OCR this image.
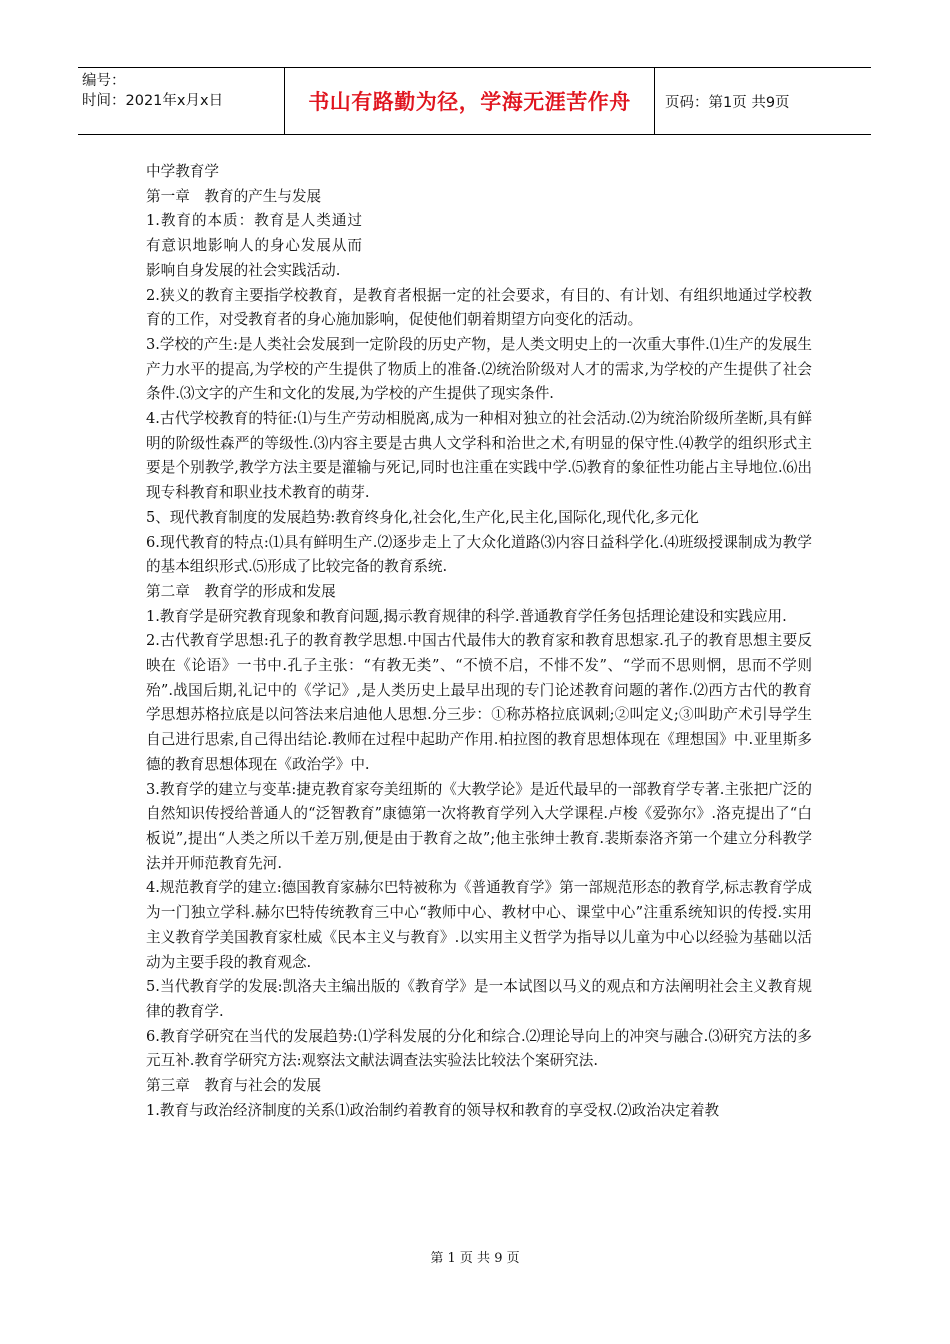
编号：
时间：2021年x月x日	书山有路勤为径，学海无涯苦作舟 页码：第1页 共9页

中学教育学

第一章　教育的产生与发展

1.教育的本质：教育是人类通过有意识地影响人的身心发展从而影响自身发展的社会实践活动.

2.狭义的教育主要指学校教育，是教育者根据一定的社会要求，有目的、有计划、有组织地通过学校教育的工作，对受教育者的身心施加影响，促使他们朝着期望方向变化的活动。

3.学校的产生:是人类社会发展到一定阶段的历史产物，是人类文明史上的一次重大事件.⑴生产的发展生产力水平的提高,为学校的产生提供了物质上的准备.⑵统治阶级对人才的需求,为学校的产生提供了社会条件.⑶文字的产生和文化的发展,为学校的产生提供了现实条件.

4.古代学校教育的特征:⑴与生产劳动相脱离,成为一种相对独立的社会活动.⑵为统治阶级所垄断,具有鲜明的阶级性森严的等级性.⑶内容主要是古典人文学科和治世之术,有明显的保守性.⑷教学的组织形式主要是个别教学,教学方法主要是灌输与死记,同时也注重在实践中学.⑸教育的象征性功能占主导地位.⑹出现专科教育和职业技术教育的萌芽.

5、现代教育制度的发展趋势:教育终身化,社会化,生产化,民主化,国际化,现代化,多元化

6.现代教育的特点:⑴具有鲜明生产.⑵逐步走上了大众化道路⑶内容日益科学化.⑷班级授课制成为教学的基本组织形式.⑸形成了比较完备的教育系统.

第二章　教育学的形成和发展

1.教育学是研究教育现象和教育问题,揭示教育规律的科学.普通教育学任务包括理论建设和实践应用.

2.古代教育学思想:孔子的教育教学思想.中国古代最伟大的教育家和教育思想家.孔子的教育思想主要反映在《论语》一书中.孔子主张：“有教无类”、“不愤不启，不悱不发”、“学而不思则惘，思而不学则殆”.战国后期,礼记中的《学记》,是人类历史上最早出现的专门论述教育问题的著作.⑵西方古代的教育学思想苏格拉底是以问答法来启迪他人思想.分三步：①称苏格拉底讽刺;②叫定义;③叫助产术引导学生自己进行思索,自己得出结论.教师在过程中起助产作用.柏拉图的教育思想体现在《理想国》中.亚里斯多德的教育思想体现在《政治学》中.

3.教育学的建立与变革:捷克教育家夸美纽斯的《大教学论》是近代最早的一部教育学专著.主张把广泛的自然知识传授给普通人的“泛智教育”康德第一次将教育学列入大学课程.卢梭《爱弥尔》.洛克提出了“白板说”,提出“人类之所以千差万别,便是由于教育之故”;他主张绅士教育.裴斯泰洛齐第一个建立分科教学法并开师范教育先河.

4.规范教育学的建立:德国教育家赫尔巴特被称为《普通教育学》第一部规范形态的教育学,标志教育学成为一门独立学科.赫尔巴特传统教育三中心“教师中心、教材中心、课堂中心”注重系统知识的传授.实用主义教育学美国教育家杜威《民本主义与教育》.以实用主义哲学为指导以儿童为中心以经验为基础以活动为主要手段的教育观念.

5.当代教育学的发展:凯洛夫主编出版的《教育学》是一本试图以马义的观点和方法阐明社会主义教育规律的教育学.

6.教育学研究在当代的发展趋势:⑴学科发展的分化和综合.⑵理论导向上的冲突与融合.⑶研究方法的多元互补.教育学研究方法:观察法文献法调查法实验法比较法个案研究法.

第三章　教育与社会的发展

1.教育与政治经济制度的关系⑴政治制约着教育的领导权和教育的享受权.⑵政治决定着教

第 1 页 共 9 页
